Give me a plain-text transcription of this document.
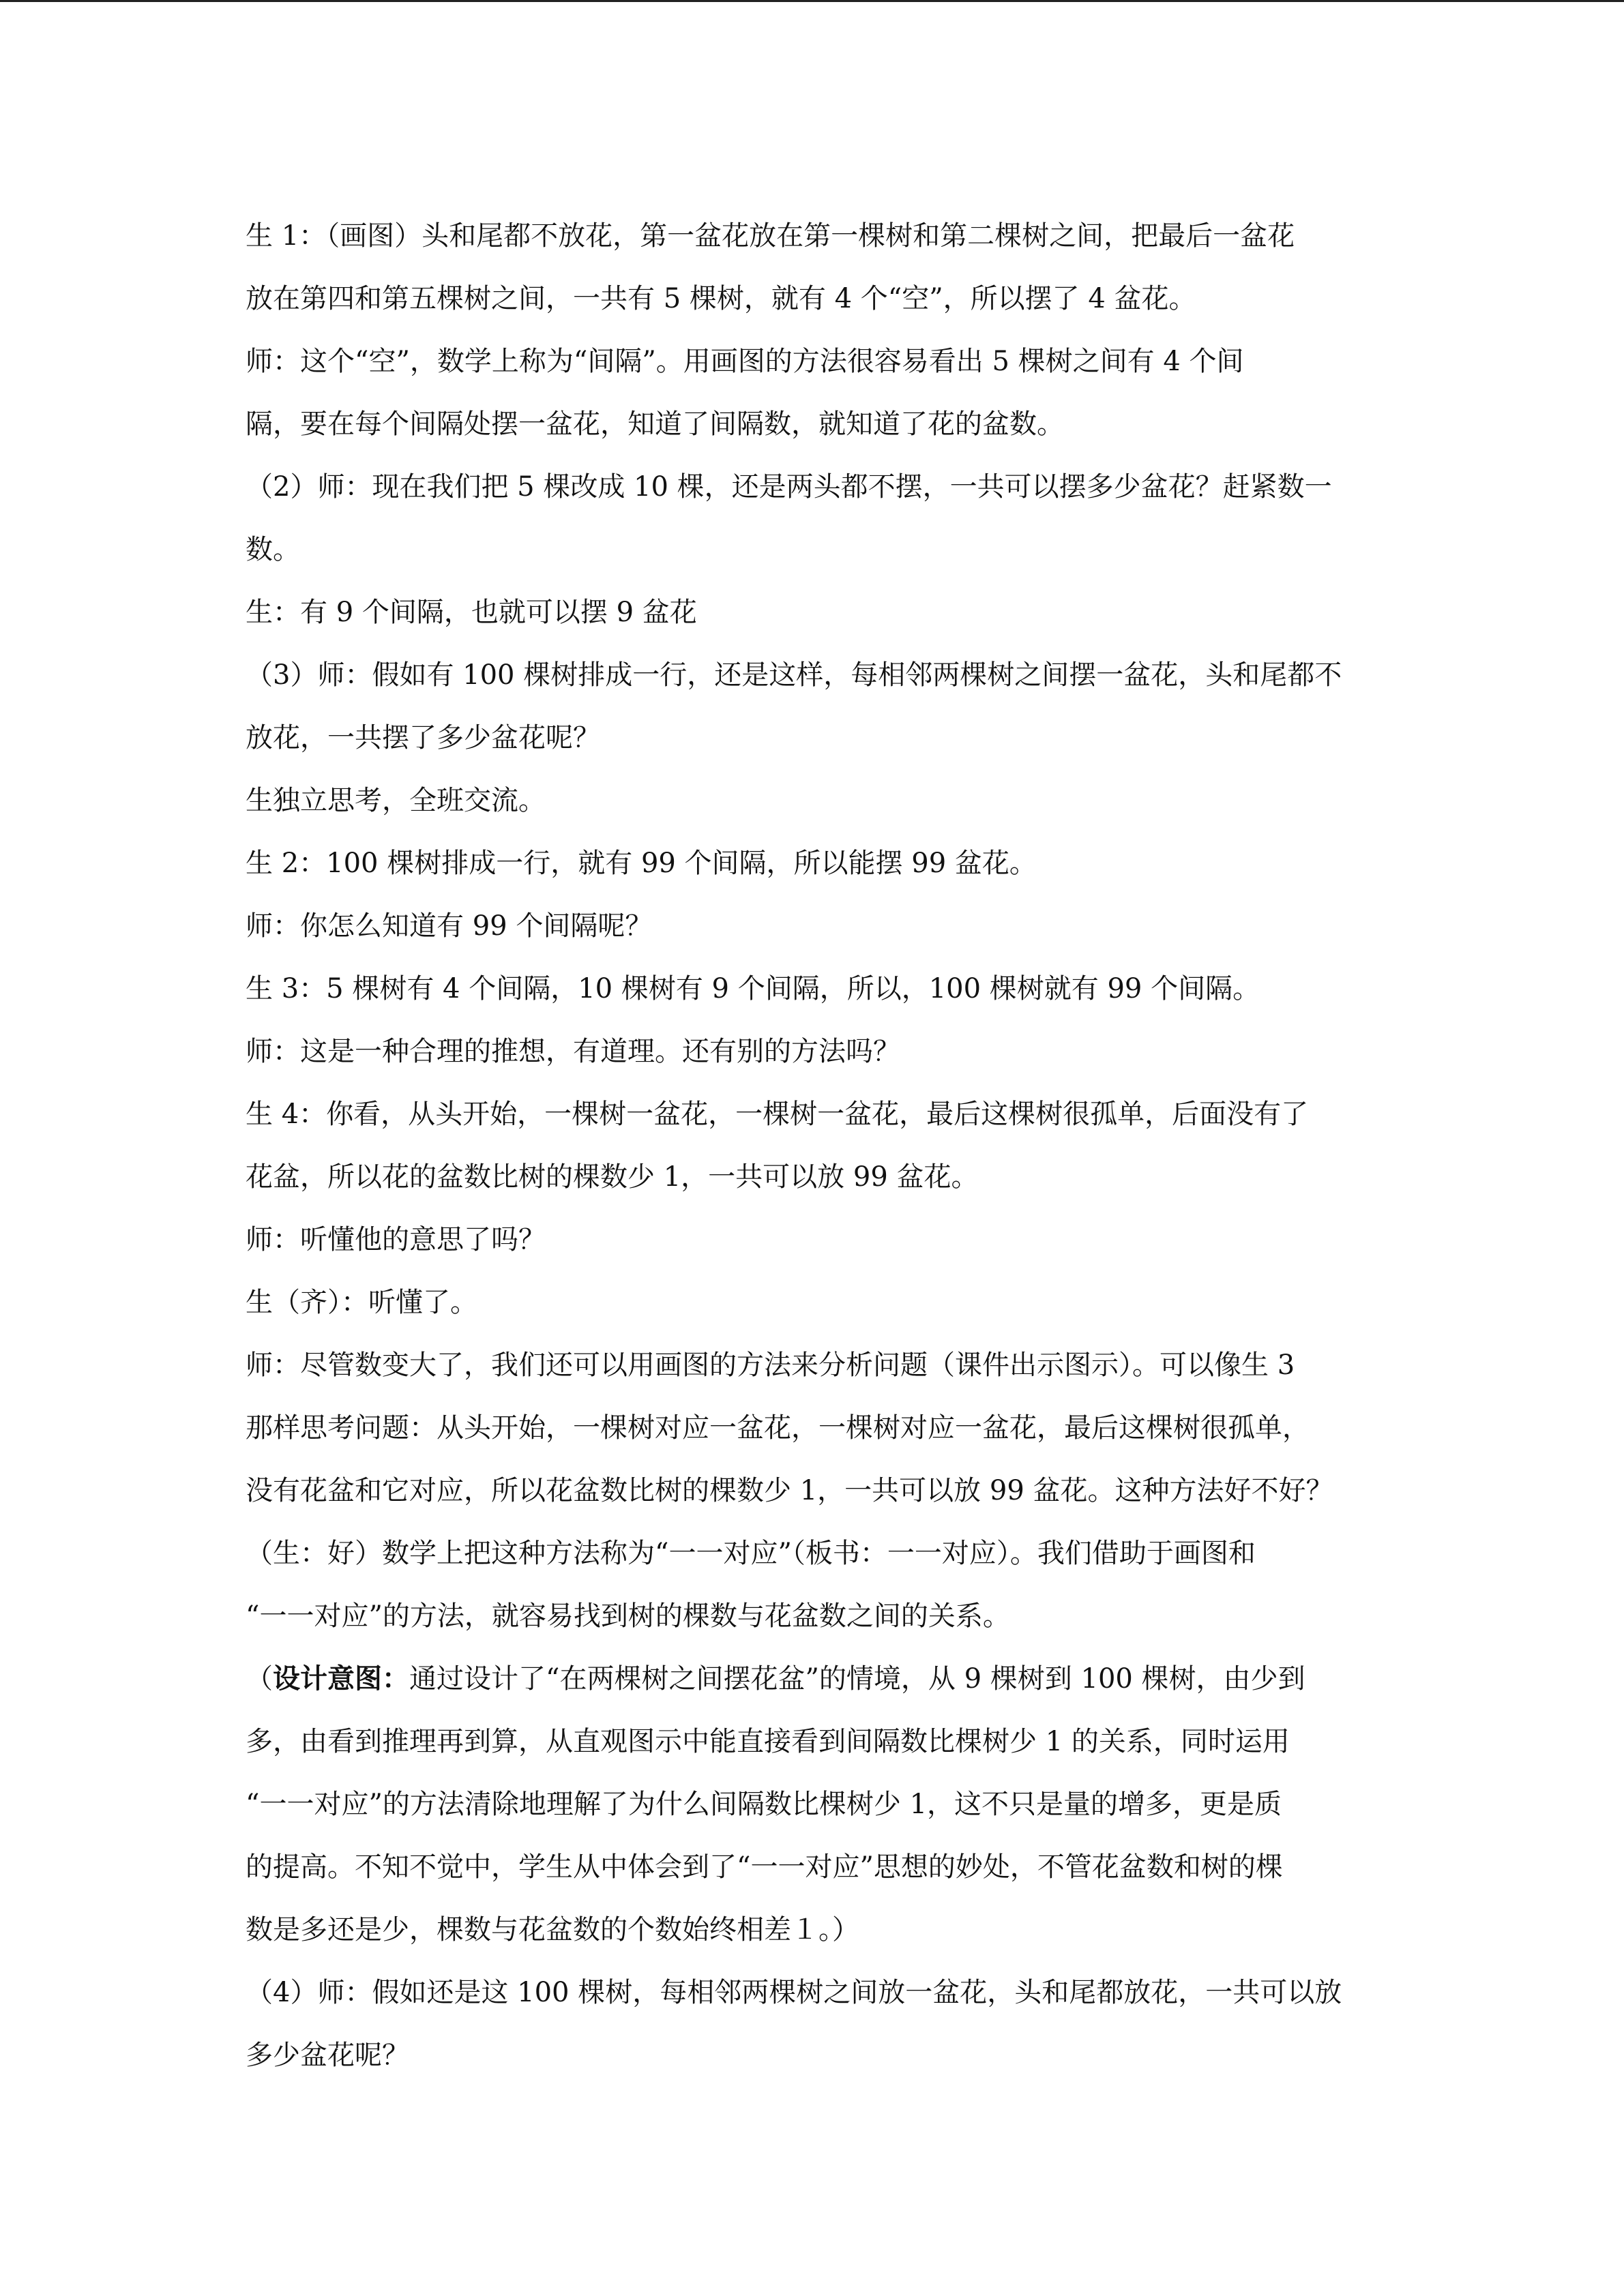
生 1：（画图）头和尾都不放花，第一盆花放在第一棵树和第二棵树之间，把最后一盆花
放在第四和第五棵树之间，一共有 5 棵树，就有 4 个“空”，所以摆了 4 盆花。
师：这个“空”，数学上称为“间隔”。用画图的方法很容易看出 5 棵树之间有 4 个间
隔，要在每个间隔处摆一盆花，知道了间隔数，就知道了花的盆数。
（2）师：现在我们把 5 棵改成 10 棵，还是两头都不摆，一共可以摆多少盆花？赶紧数一
数。
生：有 9 个间隔，也就可以摆 9 盆花
（3）师：假如有 100 棵树排成一行，还是这样，每相邻两棵树之间摆一盆花，头和尾都不
放花，一共摆了多少盆花呢？
生独立思考，全班交流。
生 2：100 棵树排成一行，就有 99 个间隔，所以能摆 99 盆花。
师：你怎么知道有 99 个间隔呢？
生 3：5 棵树有 4 个间隔，10 棵树有 9 个间隔，所以，100 棵树就有 99 个间隔。
师：这是一种合理的推想，有道理。还有别的方法吗？
生 4：你看，从头开始，一棵树一盆花，一棵树一盆花，最后这棵树很孤单，后面没有了
花盆，所以花的盆数比树的棵数少 1，一共可以放 99 盆花。
师：听懂他的意思了吗？
生（齐）：听懂了。
师：尽管数变大了，我们还可以用画图的方法来分析问题（课件出示图示）。可以像生 3
那样思考问题：从头开始，一棵树对应一盆花，一棵树对应一盆花，最后这棵树很孤单，
没有花盆和它对应，所以花盆数比树的棵数少 1，一共可以放 99 盆花。这种方法好不好？
（生：好）数学上把这种方法称为“一一对应”（板书：一一对应）。我们借助于画图和
“一一对应”的方法，就容易找到树的棵数与花盆数之间的关系。
（设计意图：通过设计了“在两棵树之间摆花盆”的情境，从 9 棵树到 100 棵树，由少到
多，由看到推理再到算，从直观图示中能直接看到间隔数比棵树少 1 的关系，同时运用
“一一对应”的方法清除地理解了为什么间隔数比棵树少 1，这不只是量的增多，更是质
的提高。不知不觉中，学生从中体会到了“一一对应”思想的妙处，不管花盆数和树的棵
数是多还是少，棵数与花盆数的个数始终相差１。）
（4）师：假如还是这 100 棵树，每相邻两棵树之间放一盆花，头和尾都放花，一共可以放
多少盆花呢？
